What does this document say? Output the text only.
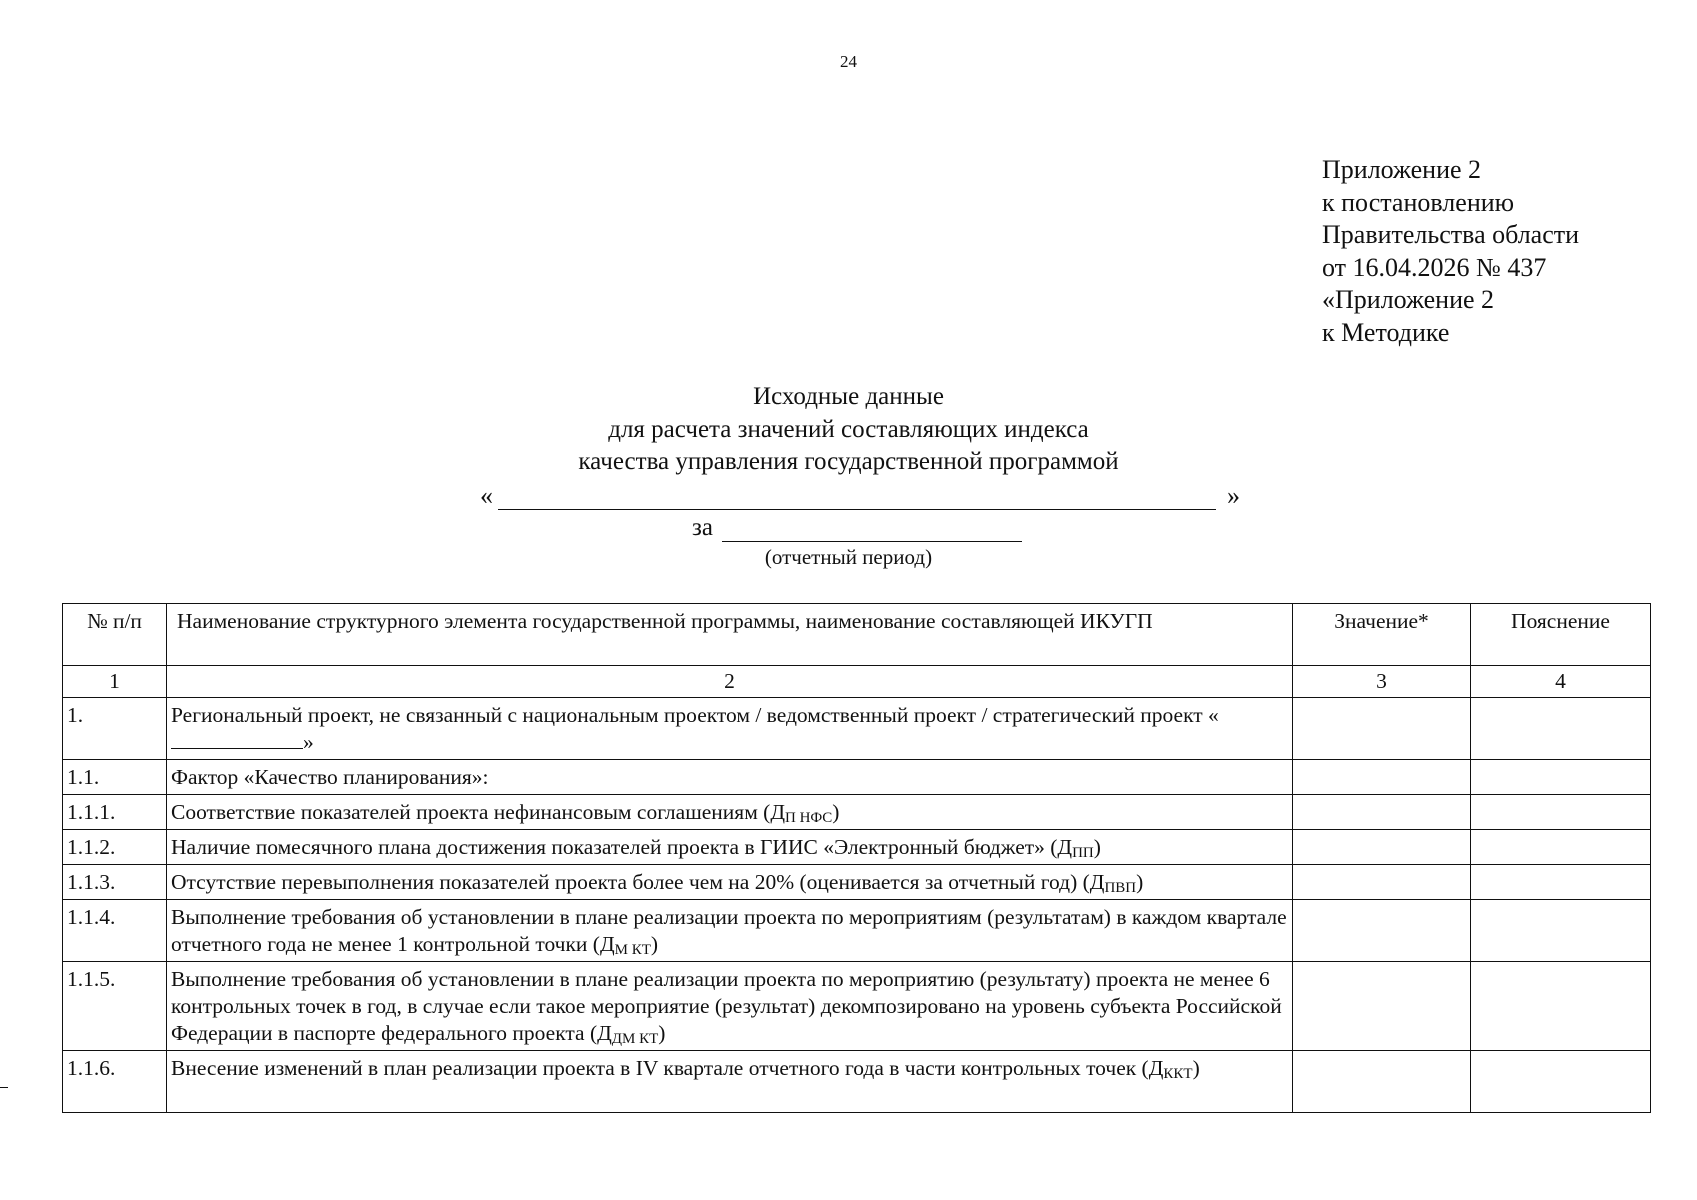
24
Приложение 2
к постановлению
Правительства области
от 16.04.2026 № 437
«Приложение 2
к Методике
Исходные данные
для расчета значений составляющих индекса
качества управления государственной программой
«	»
за
(отчетный период)
№ п/п	Наименование структурного элемента государственной программы, наименование составляющей ИКУГП	Значение*	Пояснение
1	2	3	4
1.	Региональный проект, не связанный с национальным проектом / ведомственный проект / стратегический проект «»		
1.1.	Фактор «Качество планирования»:		
1.1.1.	Соответствие показателей проекта нефинансовым соглашениям $(Д_{П НФС})$		
1.1.2.	Наличие помесячного плана достижения показателей проекта в ГИИС «Электронный бюджет» $(Д_{ПП})$		
1.1.3.	Отсутствие перевыполнения показателей проекта более чем на 20% (оценивается за отчетный год) $(Д_{ПВП})$		
1.1.4.	Выполнение требования об установлении в плане реализации проекта по мероприятиям (результатам) в каждом квартале отчетного года не менее 1 контрольной точки $(Д_{М КТ})$		
1.1.5.	Выполнение требования об установлении в плане реализации проекта по мероприятию (результату) проекта не менее 6 контрольных точек в год, в случае если такое мероприятие (результат) декомпозировано на уровень субъекта Российской Федерации в паспорте федерального проекта $(Д_{ДМ КТ})$		
1.1.6.	Внесение изменений в план реализации проекта в IV квартале отчетного года в части контрольных точек $(Д_{ККТ})$		
